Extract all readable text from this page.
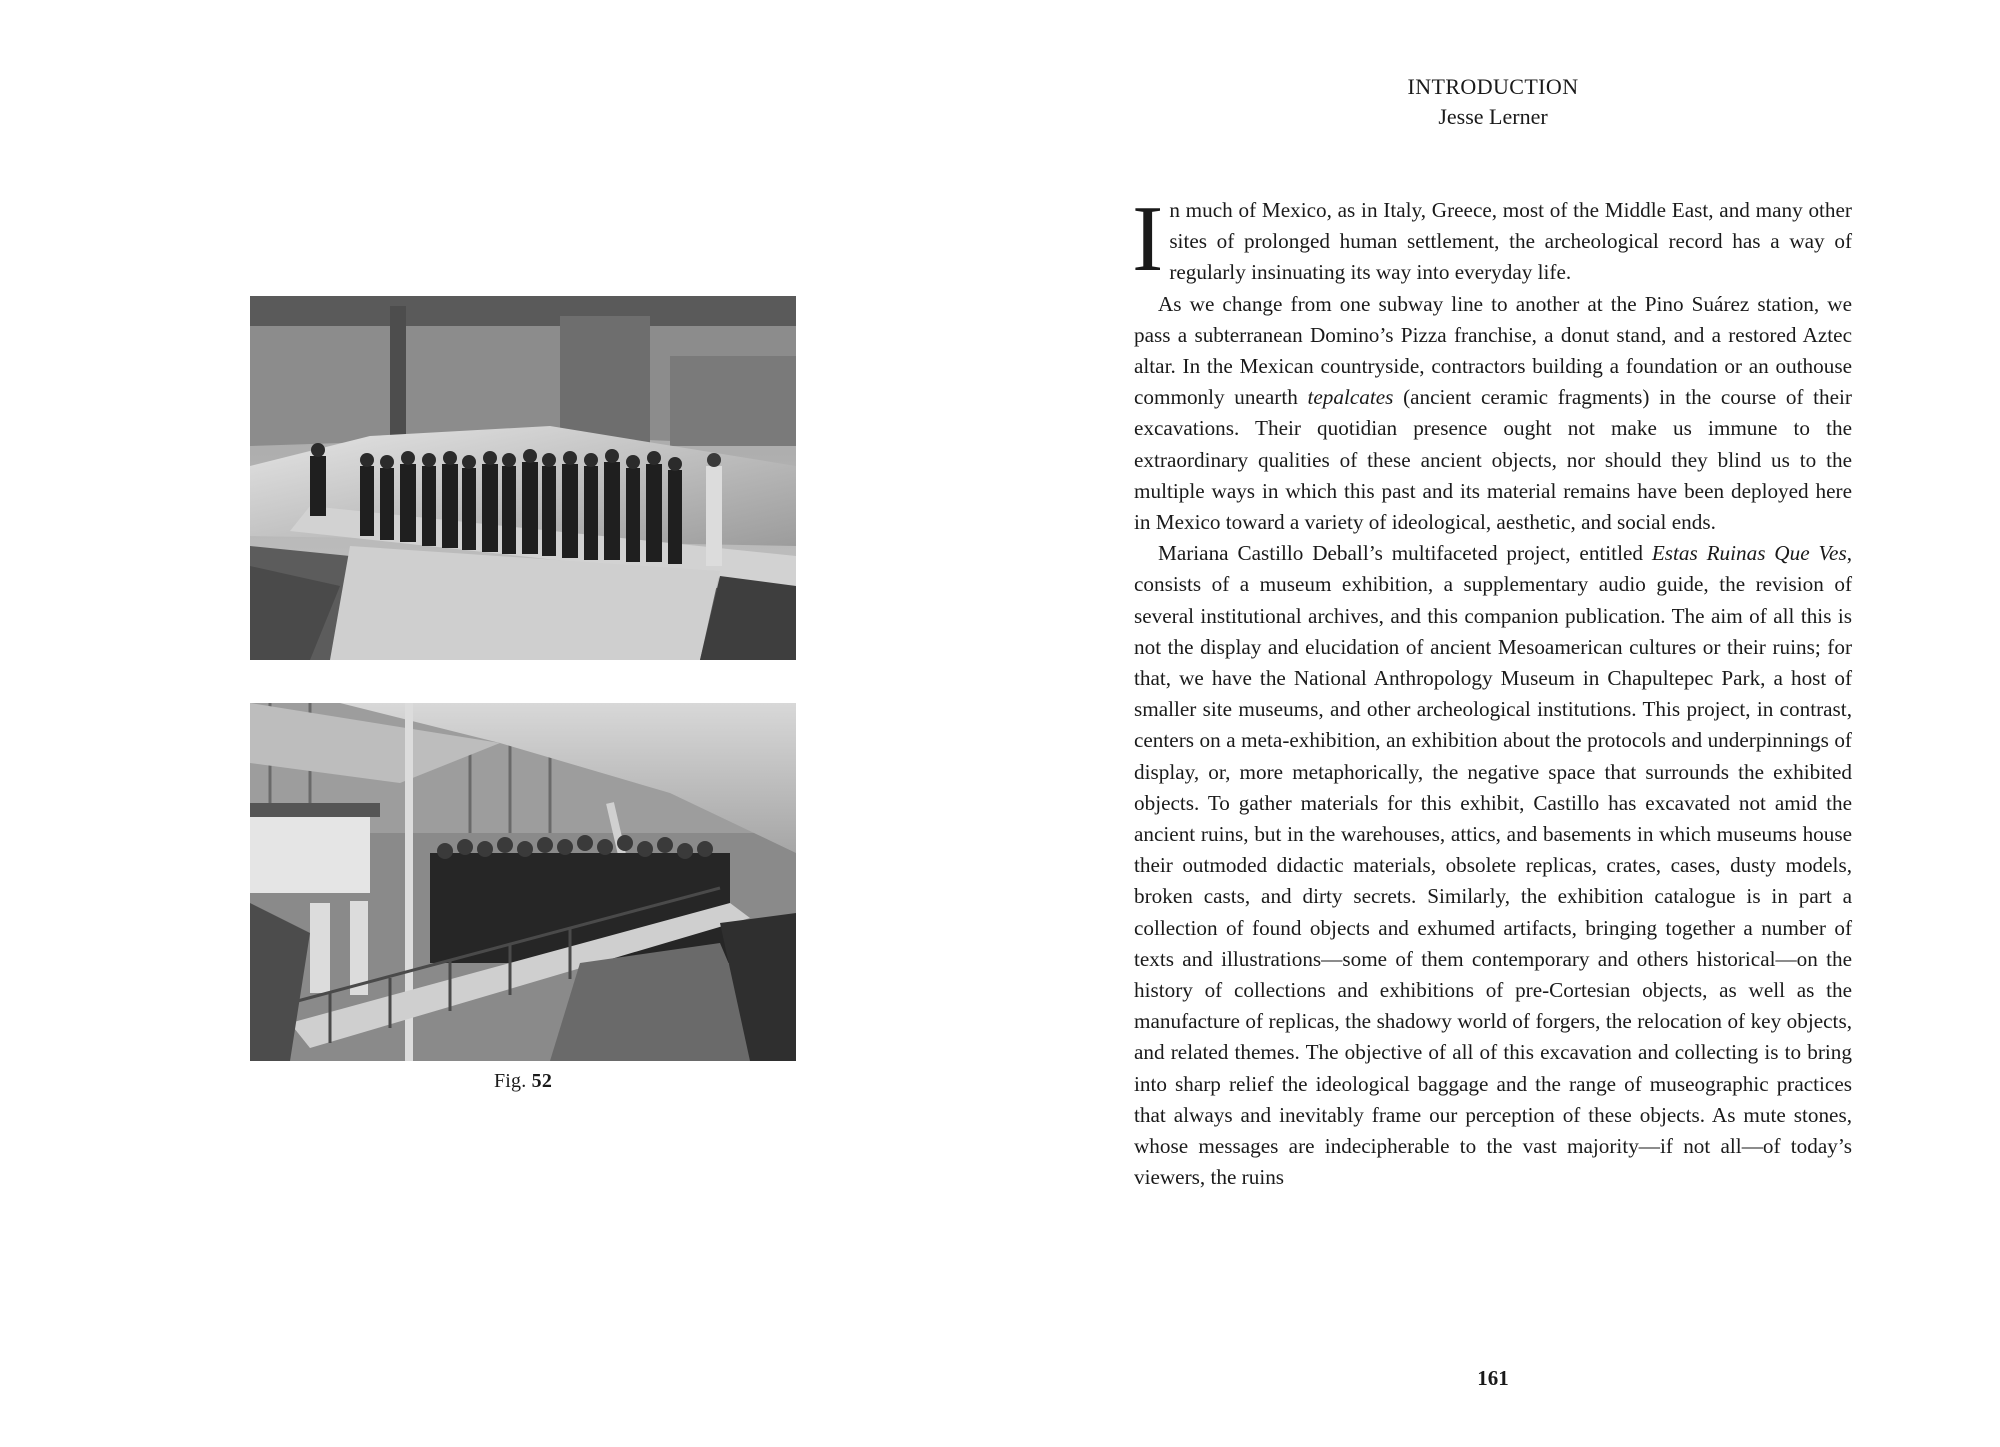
Fig. 52
INTRODUCTION
Jesse Lerner

In much of Mexico, as in Italy, Greece, most of the Middle East, and many other sites of prolonged human settlement, the archeological record has a way of regularly insinuating its way into everyday life.

As we change from one subway line to another at the Pino Suárez station, we pass a subterranean Domino’s Pizza franchise, a donut stand, and a restored Aztec altar. In the Mexican countryside, contractors building a foundation or an outhouse commonly unearth tepalcates (ancient ceramic fragments) in the course of their excavations. Their quotidian presence ought not make us immune to the extraordinary qualities of these ancient objects, nor should they blind us to the multiple ways in which this past and its material remains have been deployed here in Mexico toward a variety of ideological, aesthetic, and social ends.

Mariana Castillo Deball’s multifaceted project, entitled Estas Ruinas Que Ves, consists of a museum exhibition, a supplementary audio guide, the revision of several institutional archives, and this companion publication. The aim of all this is not the display and elucidation of ancient Mesoamerican cultures or their ruins; for that, we have the National Anthropology Museum in Chapultepec Park, a host of smaller site museums, and other archeological institutions. This project, in contrast, centers on a meta-exhibition, an exhibition about the protocols and underpinnings of display, or, more metaphorically, the negative space that surrounds the exhibited objects. To gather materials for this exhibit, Castillo has excavated not amid the ancient ruins, but in the warehouses, attics, and basements in which museums house their outmoded didactic materials, obsolete replicas, crates, cases, dusty models, broken casts, and dirty secrets. Similarly, the exhibition catalogue is in part a collection of found objects and exhumed artifacts, bringing together a number of texts and illustrations—some of them contemporary and others historical—on the history of collections and exhibitions of pre-Cortesian objects, as well as the manufacture of replicas, the shadowy world of forgers, the relocation of key objects, and related themes. The objective of all of this excavation and collecting is to bring into sharp relief the ideological baggage and the range of museographic practices that always and inevitably frame our perception of these objects. As mute stones, whose messages are indecipherable to the vast majority—if not all—of today’s viewers, the ruins

161
